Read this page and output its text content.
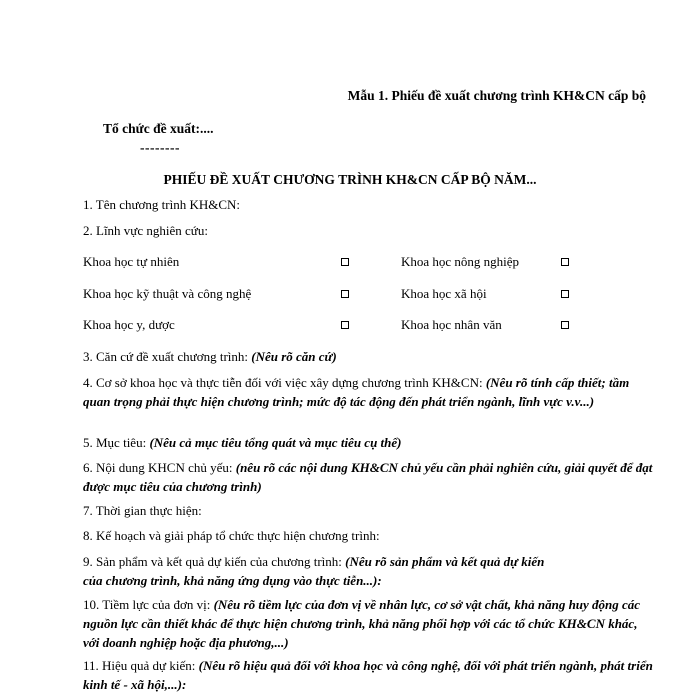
Mẫu 1. Phiếu đề xuất chương trình KH&CN cấp bộ
Tổ chức đề xuất:....
--------
PHIẾU ĐỀ XUẤT CHƯƠNG TRÌNH KH&CN CẤP BỘ NĂM...
1. Tên chương trình KH&CN:
2. Lĩnh vực nghiên cứu:
Khoa học tự nhiên	Khoa học nông nghiệp
Khoa học kỹ thuật và công nghệ	Khoa học xã hội
Khoa học y, dược	Khoa học nhân văn
3. Căn cứ đề xuất chương trình: (Nêu rõ căn cứ)
4. Cơ sở khoa học và thực tiễn đối với việc xây dựng chương trình KH&CN: (Nêu rõ tính cấp thiết; tầm quan trọng phải thực hiện chương trình; mức độ tác động đến phát triển ngành, lĩnh vực v.v...)
5. Mục tiêu: (Nêu cả mục tiêu tổng quát và mục tiêu cụ thể)
6. Nội dung KHCN chủ yếu: (nêu rõ các nội dung KH&CN chủ yếu cần phải nghiên cứu, giải quyết để đạt được mục tiêu của chương trình)
7. Thời gian thực hiện:
8. Kế hoạch và giải pháp tổ chức thực hiện chương trình:
9. Sản phẩm và kết quả dự kiến của chương trình: (Nêu rõ sản phẩm và kết quả dự kiến
của chương trình, khả năng ứng dụng vào thực tiễn...):
10. Tiềm lực của đơn vị: (Nêu rõ tiềm lực của đơn vị về nhân lực, cơ sở vật chất, khả năng huy động các nguồn lực cần thiết khác để thực hiện chương trình, khả năng phối hợp với các tổ chức KH&CN khác, với doanh nghiệp hoặc địa phương,...)
11. Hiệu quả dự kiến: (Nêu rõ hiệu quả đối với khoa học và công nghệ, đối với phát triển ngành, phát triển kinh tế - xã hội,...):
